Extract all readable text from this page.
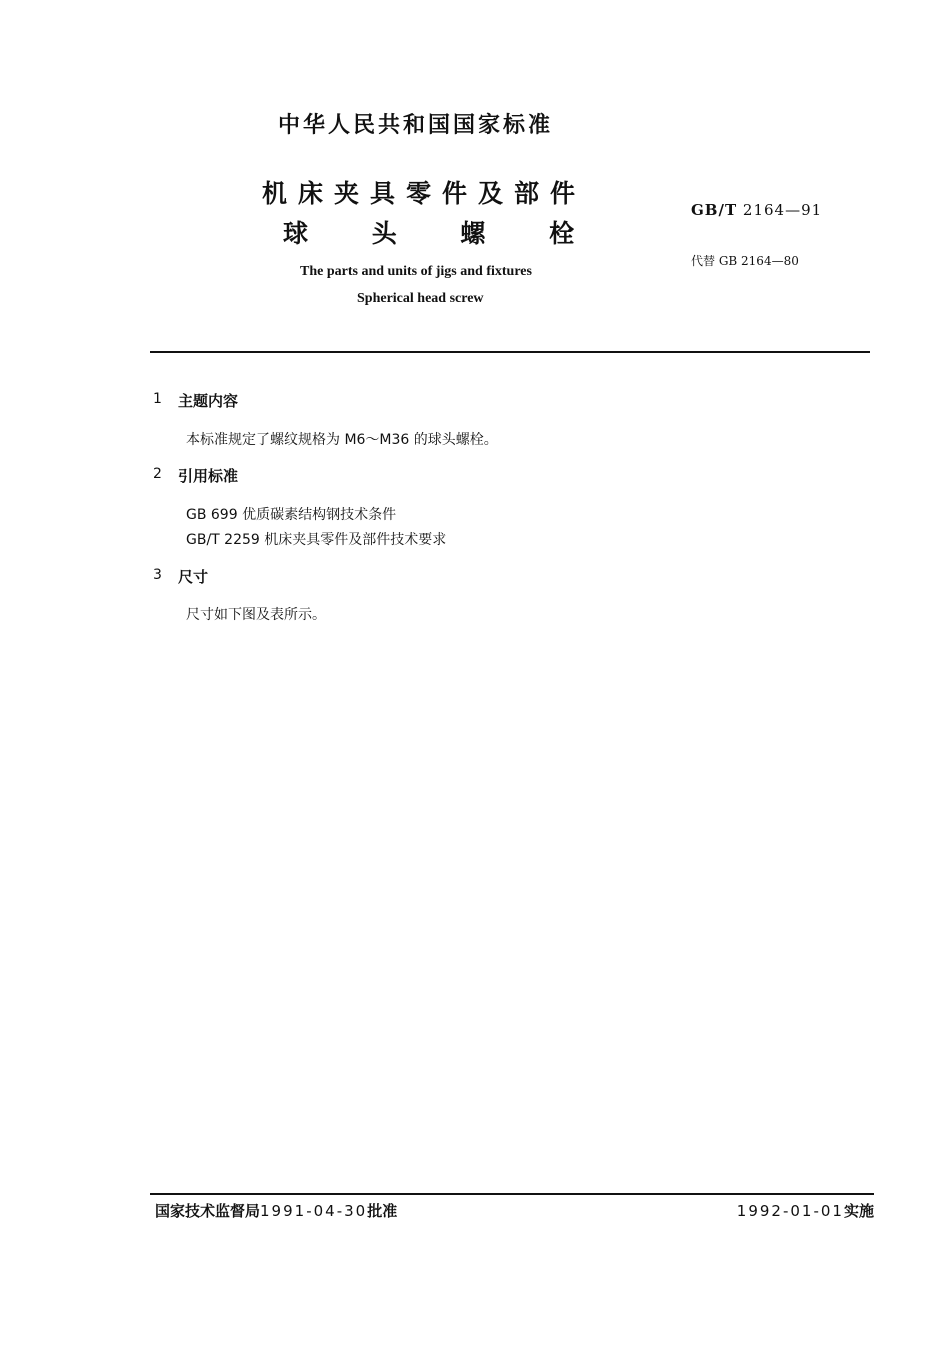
中华人民共和国国家标准
机床夹具零件及部件
球 头 螺 栓
GB/T 2164—91
代替 GB 2164—80
The parts and units of jigs and fixtures
Spherical head screw
1 主题内容
本标准规定了螺纹规格为 M6～M36 的球头螺栓。
2 引用标准
GB 699 优质碳素结构钢技术条件
GB/T 2259 机床夹具零件及部件技术要求
3 尺寸
尺寸如下图及表所示。
国家技术监督局1991-04-30批准	1992-01-01实施
